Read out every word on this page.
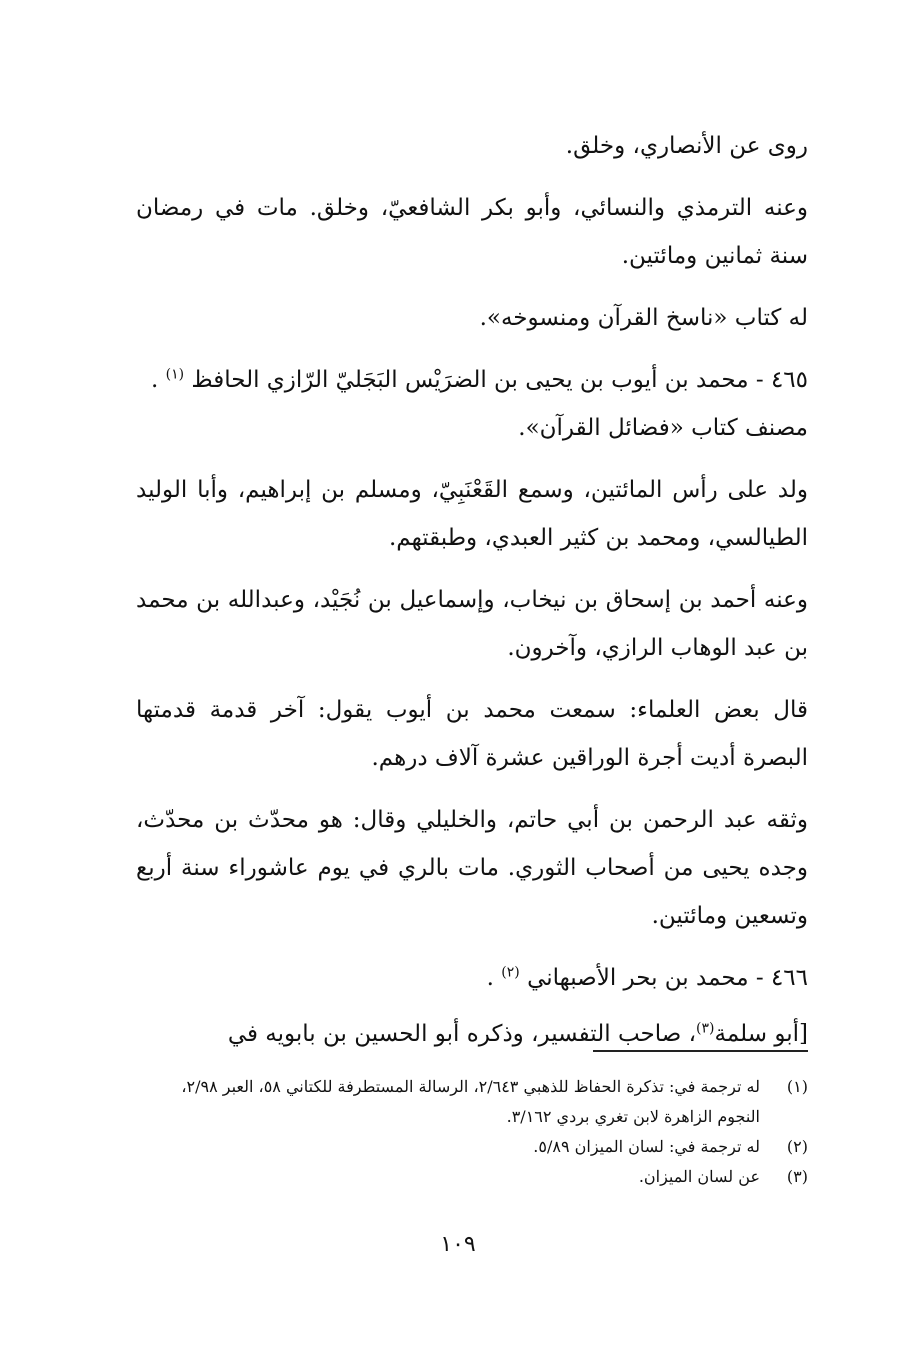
روى عن الأنصاري، وخلق.

وعنه الترمذي والنسائي، وأبو بكر الشافعيّ، وخلق. مات في رمضان سنة ثمانين ومائتين.

له كتاب «ناسخ القرآن ومنسوخه».

٤٦٥ - محمد بن أيوب بن يحيى بن الضرَيْس البَجَليّ الرّازي الحافظ $^{(١)}$ .

مصنف كتاب «فضائل القرآن».

ولد على رأس المائتين، وسمع القَعْنَبِيّ، ومسلم بن إبراهيم، وأبا الوليد الطيالسي، ومحمد بن كثير العبدي، وطبقتهم.

وعنه أحمد بن إسحاق بن نيخاب، وإسماعيل بن نُجَيْد، وعبدالله بن محمد بن عبد الوهاب الرازي، وآخرون.

قال بعض العلماء: سمعت محمد بن أيوب يقول: آخر قدمة قدمتها البصرة أديت أجرة الوراقين عشرة آلاف درهم.

وثقه عبد الرحمن بن أبي حاتم، والخليلي وقال: هو محدّث بن محدّث، وجده يحيى من أصحاب الثوري. مات بالري في يوم عاشوراء سنة أربع وتسعين ومائتين.

٤٦٦ - محمد بن بحر الأصبهاني $^{(٢)}$ .

[أبو سلمة$^{(٣)}$، صاحب التفسير، وذكره أبو الحسين بن بابويه في

(١)
له ترجمة في: تذكرة الحفاظ للذهبي ٢/٦٤٣، الرسالة المستطرفة للكتاني ٥٨، العبر ٢/٩٨، النجوم الزاهرة لابن تغري بردي ٣/١٦٢.
(٢)
له ترجمة في: لسان الميزان ٥/٨٩.
(٣)
عن لسان الميزان.
١٠٩
